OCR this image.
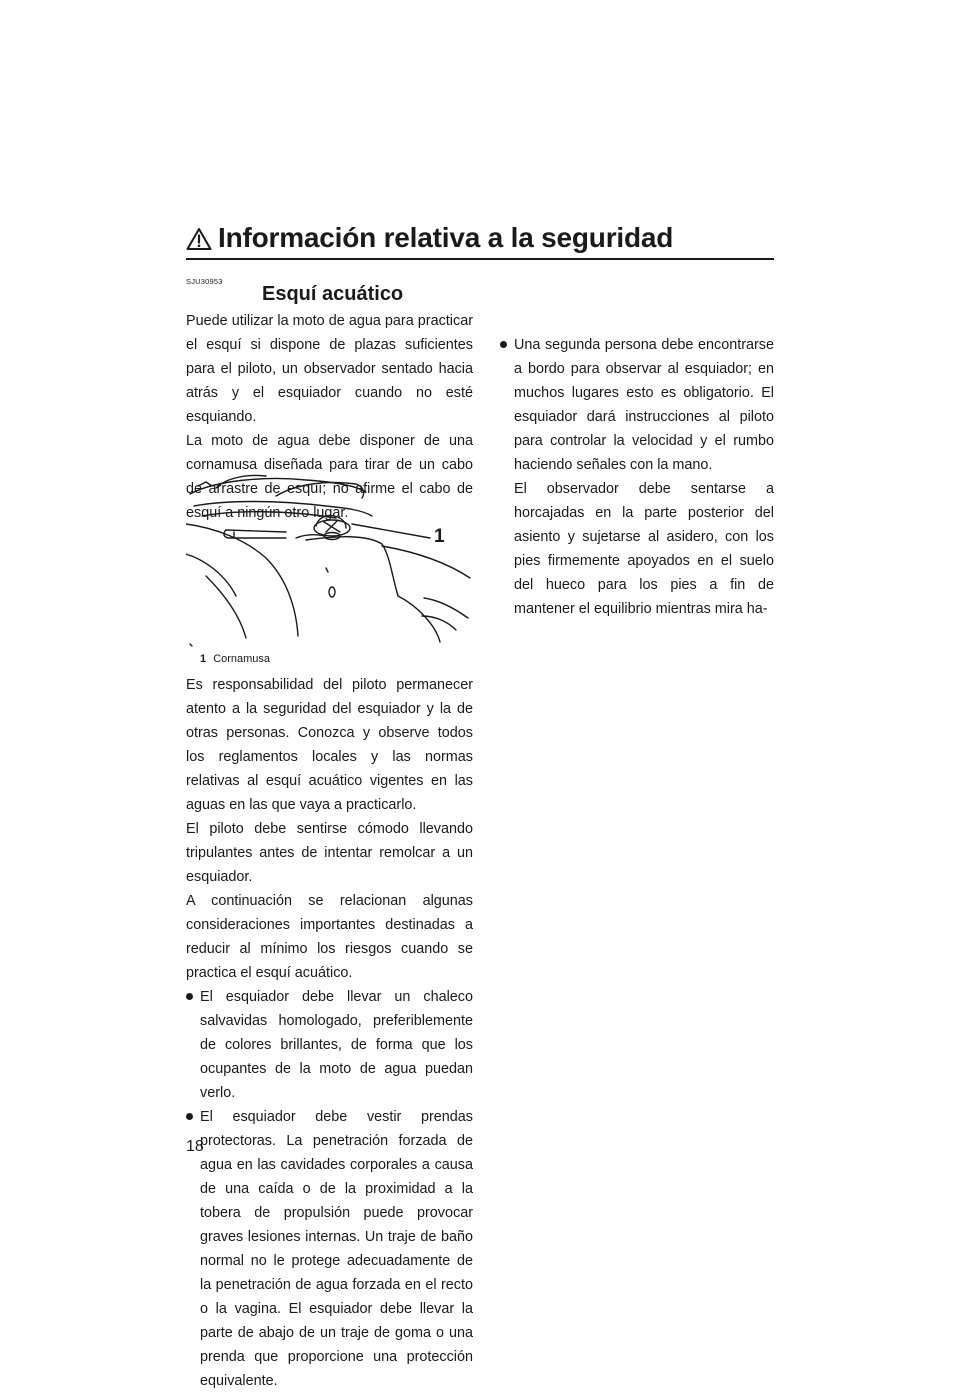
Información relativa a la seguridad
SJU30953
Esquí acuático

Puede utilizar la moto de agua para practicar el esquí si dispone de plazas suficientes para el piloto, un observador sentado hacia atrás y el esquiador cuando no esté esquiando.

La moto de agua debe disponer de una cornamusa diseñada para tirar de un cabo de arrastre de esquí; no afirme el cabo de esquí a ningún otro lugar.

1
1 Cornamusa

Es responsabilidad del piloto permanecer atento a la seguridad del esquiador y la de otras personas. Conozca y observe todos los reglamentos locales y las normas relativas al esquí acuático vigentes en las aguas en las que vaya a practicarlo.

El piloto debe sentirse cómodo llevando tripulantes antes de intentar remolcar a un esquiador.

A continuación se relacionan algunas consideraciones importantes destinadas a reducir al mínimo los riesgos cuando se practica el esquí acuático.

El esquiador debe llevar un chaleco salvavidas homologado, preferiblemente de colores brillantes, de forma que los ocupantes de la moto de agua puedan verlo.

El esquiador debe vestir prendas protectoras. La penetración forzada de agua en las cavidades corporales a causa de una caída o de la proximidad a la tobera de propulsión puede provocar graves lesiones internas. Un traje de baño normal no le protege adecuadamente de la penetración de agua forzada en el recto o la vagina. El esquiador debe llevar la parte de abajo de un traje de goma o una prenda que proporcione una protección equivalente.

Una segunda persona debe encontrarse a bordo para observar al esquiador; en muchos lugares esto es obligatorio. El esquiador dará instrucciones al piloto para controlar la velocidad y el rumbo haciendo señales con la mano.

El observador debe sentarse a horcajadas en la parte posterior del asiento y sujetarse al asidero, con los pies firmemente apoyados en el suelo del hueco para los pies a fin de mantener el equilibrio mientras mira ha-

18
